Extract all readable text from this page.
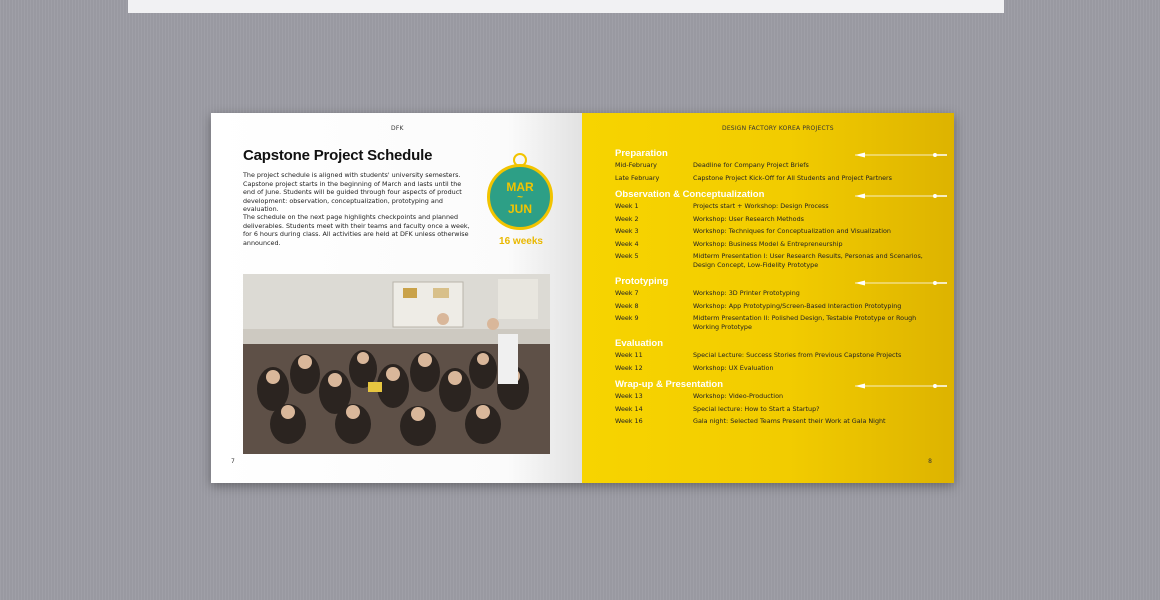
DFK
Capstone Project Schedule

The project schedule is aligned with students' university semesters. Capstone project starts in the beginning of March and lasts until the end of June. Students will be guided through four aspects of product development: observation, conceptualization, prototyping and evaluation.

The schedule on the next page highlights checkpoints and planned deliverables. Students meet with their teams and faculty once a week, for 6 hours during class. All activities are held at DFK unless otherwise announced.

MAR
~
JUN
16 weeks
7
DESIGN FACTORY KOREA PROJECTS
Preparation
Mid-February	Deadline for Company Project Briefs
Late February	Capstone Project Kick-Off for All Students and Project Partners
Observation & Conceptualization
Week 1	Projects start + Workshop: Design Process
Week 2	Workshop: User Research Methods
Week 3	Workshop: Techniques for Conceptualization and Visualization
Week 4	Workshop: Business Model & Entrepreneurship
Week 5	Midterm Presentation I: User Research Results, Personas and Scenarios, Design Concept, Low-Fidelity Prototype
Prototyping
Week 7	Workshop: 3D Printer Prototyping
Week 8	Workshop: App Prototyping/Screen-Based Interaction Prototyping
Week 9	Midterm Presentation II: Polished Design, Testable Prototype or Rough Working Prototype
Evaluation
Week 11	Special Lecture: Success Stories from Previous Capstone Projects
Week 12	Workshop: UX Evaluation
Wrap-up & Presentation
Week 13	Workshop: Video-Production
Week 14	Special lecture: How to Start a Startup?
Week 16	Gala night: Selected Teams Present their Work at Gala Night
8
